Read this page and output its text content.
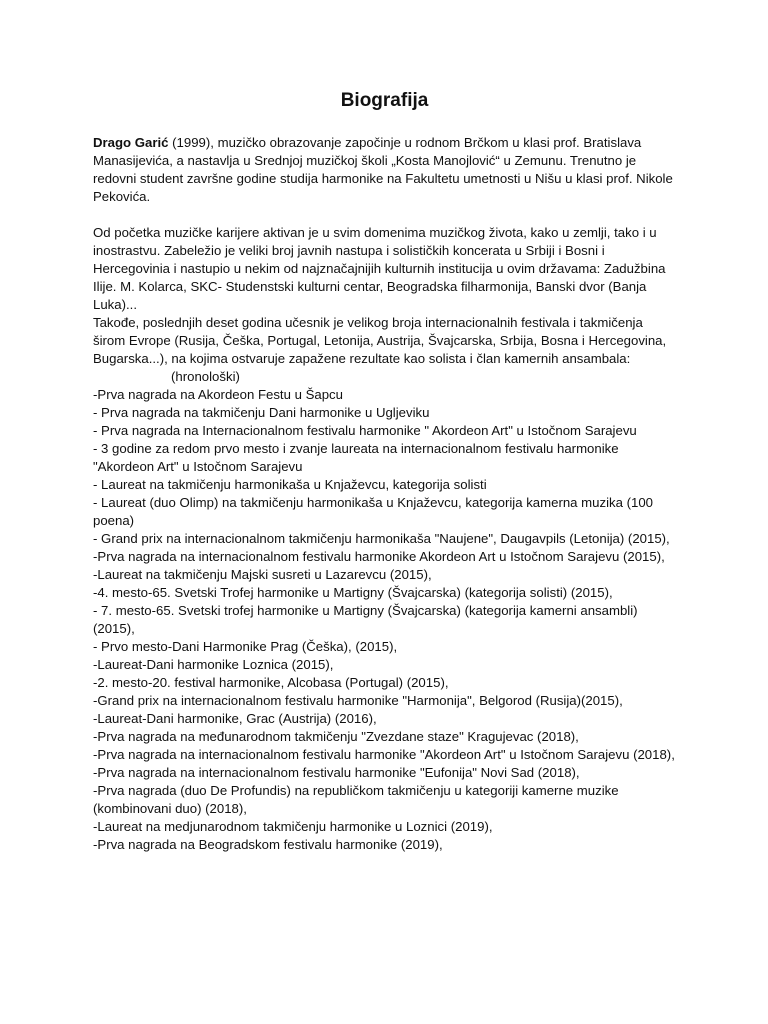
Biografija

Drago Garić (1999), muzičko obrazovanje započinje u rodnom Brčkom u klasi prof. Bratislava Manasijevića, a nastavlja u Srednjoj muzičkoj školi „Kosta Manojlović“ u Zemunu. Trenutno je redovni student završne godine studija harmonike na Fakultetu umetnosti u Nišu u klasi prof. Nikole Pekovića.

Od početka muzičke karijere aktivan je u svim domenima muzičkog života, kako u zemlji, tako i u inostrastvu. Zabeležio je veliki broj javnih nastupa i solističkih koncerata u Srbiji i Bosni i Hercegovinia i nastupio u nekim od najznačajnijih kulturnih institucija u ovim državama: Zadužbina Ilije. M. Kolarca, SKC- Studenstski kulturni centar, Beogradska filharmonija, Banski dvor (Banja Luka)...

Takođe, poslednjih deset godina učesnik je velikog broja internacionalnih festivala i takmičenja širom Evrope (Rusija, Češka, Portugal, Letonija, Austrija, Švajcarska, Srbija, Bosna i Hercegovina, Bugarska...), na kojima ostvaruje zapažene rezultate kao solista i član kamernih ansambala:

(hronološki)

-Prva nagrada na Akordeon Festu u Šapcu

- Prva nagrada na takmičenju Dani harmonike u Ugljeviku

- Prva nagrada na Internacionalnom festivalu harmonike " Akordeon Art" u Istočnom Sarajevu

- 3 godine za redom prvo mesto i zvanje laureata na internacionalnom festivalu harmonike "Akordeon Art" u Istočnom Sarajevu

- Laureat na takmičenju harmonikaša u Knjaževcu, kategorija solisti

- Laureat (duo Olimp) na takmičenju harmonikaša u Knjaževcu, kategorija kamerna muzika (100 poena)

- Grand prix na internacionalnom takmičenju harmonikaša "Naujene", Daugavpils (Letonija) (2015),

-Prva nagrada na internacionalnom festivalu harmonike Akordeon Art u Istočnom Sarajevu (2015),

-Laureat na takmičenju Majski susreti u Lazarevcu (2015),

-4. mesto-65. Svetski Trofej harmonike u Martigny (Švajcarska) (kategorija solisti) (2015),

- 7. mesto-65. Svetski trofej harmonike u Martigny (Švajcarska) (kategorija kamerni ansambli) (2015),

- Prvo mesto-Dani Harmonike Prag (Češka), (2015),

-Laureat-Dani harmonike Loznica (2015),

-2. mesto-20. festival harmonike, Alcobasa (Portugal) (2015),

-Grand prix na internacionalnom festivalu harmonike "Harmonija", Belgorod (Rusija)(2015),

-Laureat-Dani harmonike, Grac (Austrija) (2016),

-Prva nagrada na međunarodnom takmičenju "Zvezdane staze" Kragujevac (2018),

-Prva nagrada na internacionalnom festivalu harmonike "Akordeon Art" u Istočnom Sarajevu (2018),

-Prva nagrada na internacionalnom festivalu harmonike "Eufonija" Novi Sad (2018),

-Prva nagrada (duo De Profundis) na republičkom takmičenju u kategoriji kamerne muzike (kombinovani duo) (2018),

-Laureat na medjunarodnom takmičenju harmonike u Loznici (2019),

-Prva nagrada na Beogradskom festivalu harmonike (2019),
